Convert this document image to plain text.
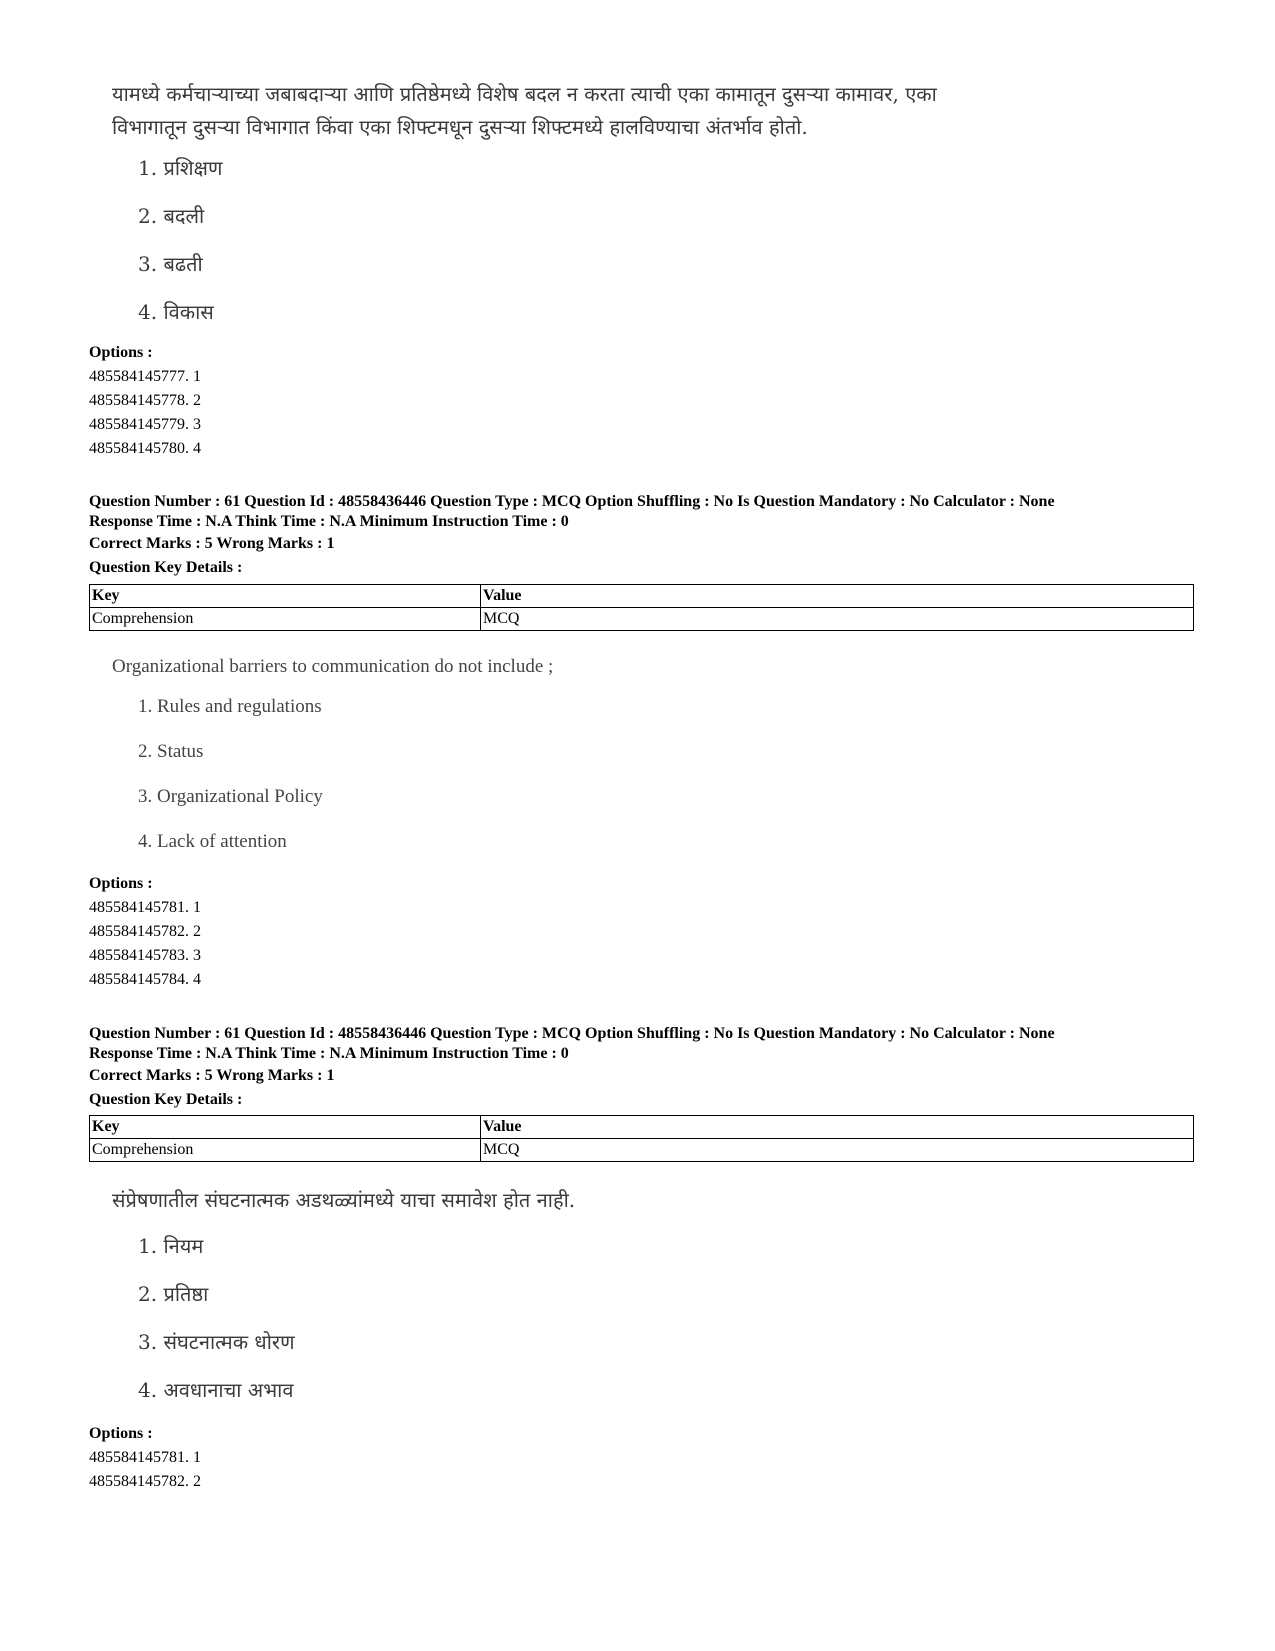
यामध्ये कर्मचाऱ्याच्या जबाबदाऱ्या आणि प्रतिष्ठेमध्ये विशेष बदल न करता त्याची एका कामातून दुसऱ्या कामावर, एका

विभागातून दुसऱ्या विभागात किंवा एका शिफ्टमधून दुसऱ्या शिफ्टमध्ये हालविण्याचा अंतर्भाव होतो.

1. प्रशिक्षण

2. बदली

3. बढती

4. विकास

Options :
485584145777. 1
485584145778. 2
485584145779. 3
485584145780. 4
Question Number : 61 Question Id : 48558436446 Question Type : MCQ Option Shuffling : No Is Question Mandatory : No Calculator : None
Response Time : N.A Think Time : N.A Minimum Instruction Time : 0
Correct Marks : 5 Wrong Marks : 1
Question Key Details :
Key	Value
Comprehension	MCQ

Organizational barriers to communication do not include ;

1. Rules and regulations

2. Status

3. Organizational Policy

4. Lack of attention

Options :
485584145781. 1
485584145782. 2
485584145783. 3
485584145784. 4
Question Number : 61 Question Id : 48558436446 Question Type : MCQ Option Shuffling : No Is Question Mandatory : No Calculator : None
Response Time : N.A Think Time : N.A Minimum Instruction Time : 0
Correct Marks : 5 Wrong Marks : 1
Question Key Details :
Key	Value
Comprehension	MCQ

संप्रेषणातील संघटनात्मक अडथळ्यांमध्ये याचा समावेश होत नाही.

1. नियम

2. प्रतिष्ठा

3. संघटनात्मक धोरण

4. अवधानाचा अभाव

Options :
485584145781. 1
485584145782. 2
